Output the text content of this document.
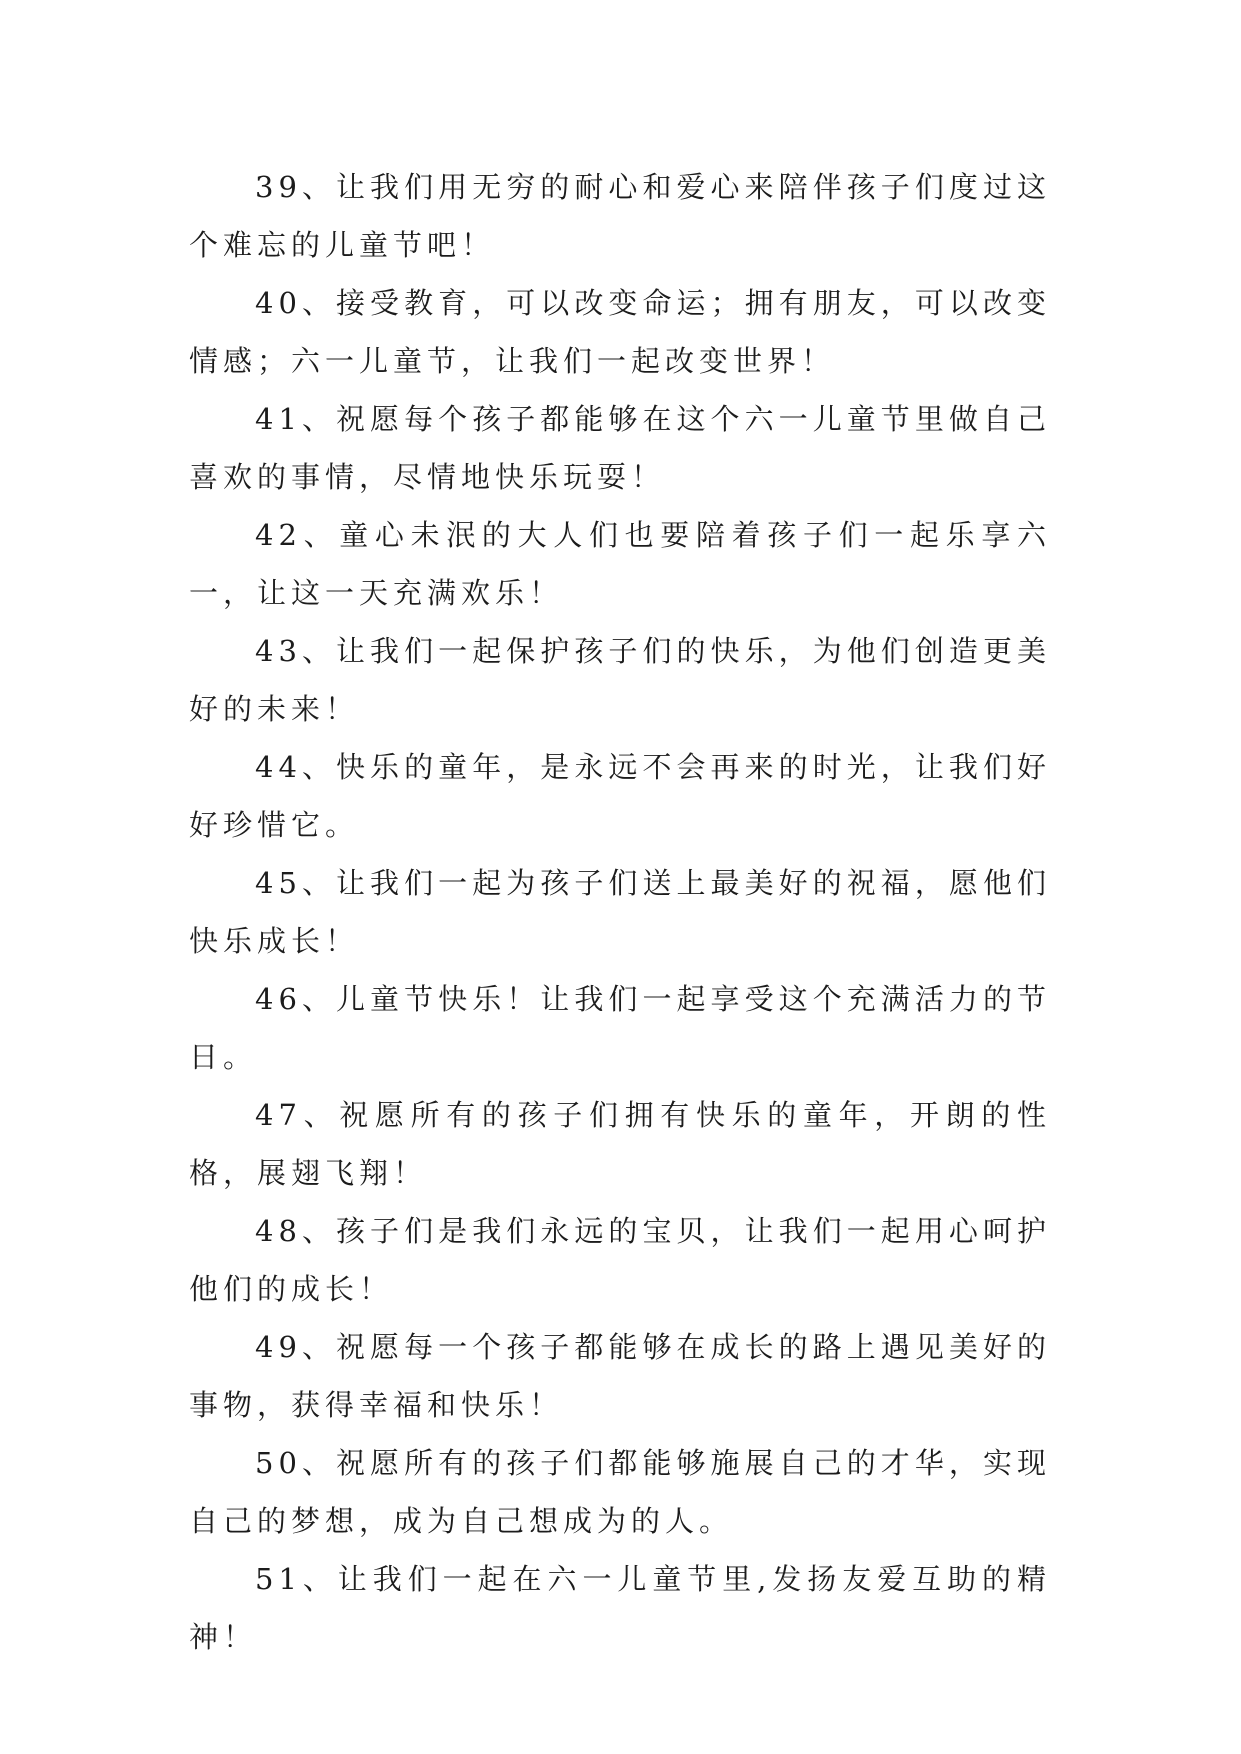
39、让我们用无穷的耐心和爱心来陪伴孩子们度过这个难忘的儿童节吧！

40、接受教育，可以改变命运；拥有朋友，可以改变情感；六一儿童节，让我们一起改变世界！

41、祝愿每个孩子都能够在这个六一儿童节里做自己喜欢的事情，尽情地快乐玩耍！

42、童心未泯的大人们也要陪着孩子们一起乐享六一，让这一天充满欢乐！

43、让我们一起保护孩子们的快乐，为他们创造更美好的未来！

44、快乐的童年，是永远不会再来的时光，让我们好好珍惜它。

45、让我们一起为孩子们送上最美好的祝福，愿他们快乐成长！

46、儿童节快乐！让我们一起享受这个充满活力的节日。

47、祝愿所有的孩子们拥有快乐的童年，开朗的性格，展翅飞翔！

48、孩子们是我们永远的宝贝，让我们一起用心呵护他们的成长！

49、祝愿每一个孩子都能够在成长的路上遇见美好的事物，获得幸福和快乐！

50、祝愿所有的孩子们都能够施展自己的才华，实现自己的梦想，成为自己想成为的人。

51、让我们一起在六一儿童节里,发扬友爱互助的精神！
